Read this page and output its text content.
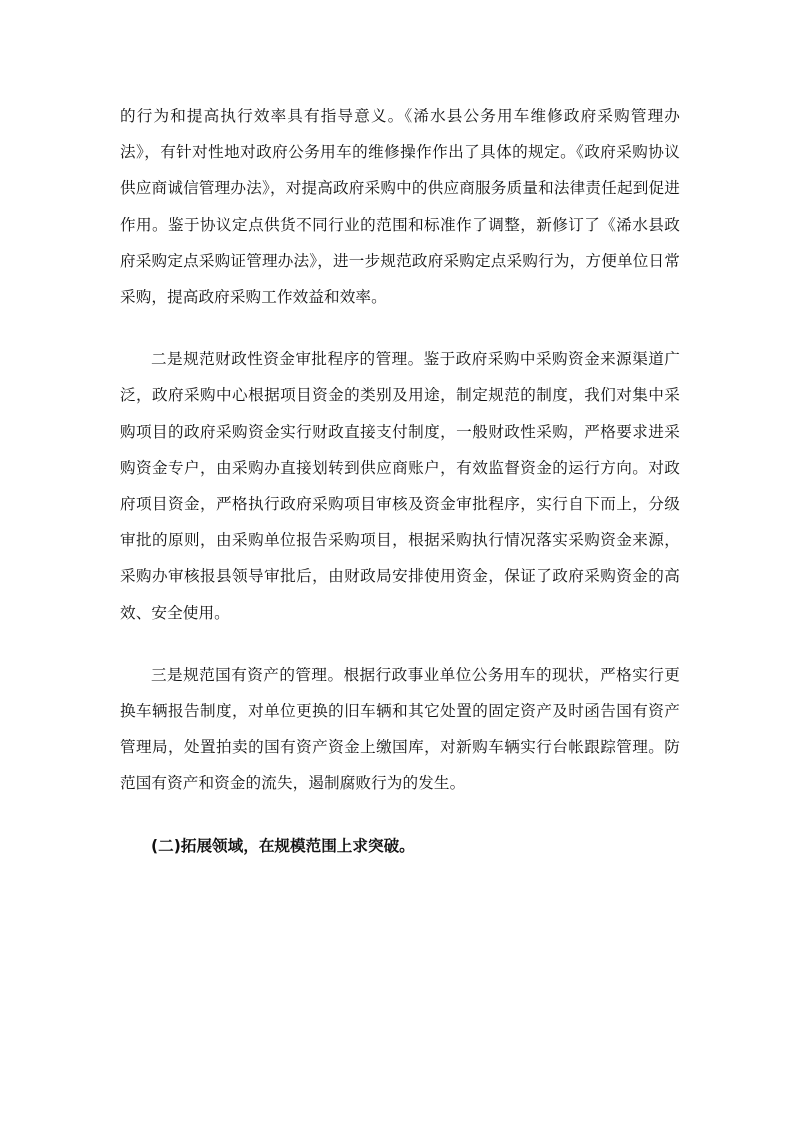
的行为和提高执行效率具有指导意义。《浠水县公务用车维修政府采购管理办法》，有针对性地对政府公务用车的维修操作作出了具体的规定。《政府采购协议供应商诚信管理办法》，对提高政府采购中的供应商服务质量和法律责任起到促进作用。鉴于协议定点供货不同行业的范围和标准作了调整，新修订了《浠水县政府采购定点采购证管理办法》，进一步规范政府采购定点采购行为，方便单位日常采购，提高政府采购工作效益和效率。

二是规范财政性资金审批程序的管理。鉴于政府采购中采购资金来源渠道广泛，政府采购中心根据项目资金的类别及用途，制定规范的制度，我们对集中采购项目的政府采购资金实行财政直接支付制度，一般财政性采购，严格要求进采购资金专户，由采购办直接划转到供应商账户，有效监督资金的运行方向。对政府项目资金，严格执行政府采购项目审核及资金审批程序，实行自下而上，分级审批的原则，由采购单位报告采购项目，根据采购执行情况落实采购资金来源，采购办审核报县领导审批后，由财政局安排使用资金，保证了政府采购资金的高效、安全使用。

三是规范国有资产的管理。根据行政事业单位公务用车的现状，严格实行更换车辆报告制度，对单位更换的旧车辆和其它处置的固定资产及时函告国有资产管理局，处置拍卖的国有资产资金上缴国库，对新购车辆实行台帐跟踪管理。防范国有资产和资金的流失，遏制腐败行为的发生。

(二)拓展领域，在规模范围上求突破。
